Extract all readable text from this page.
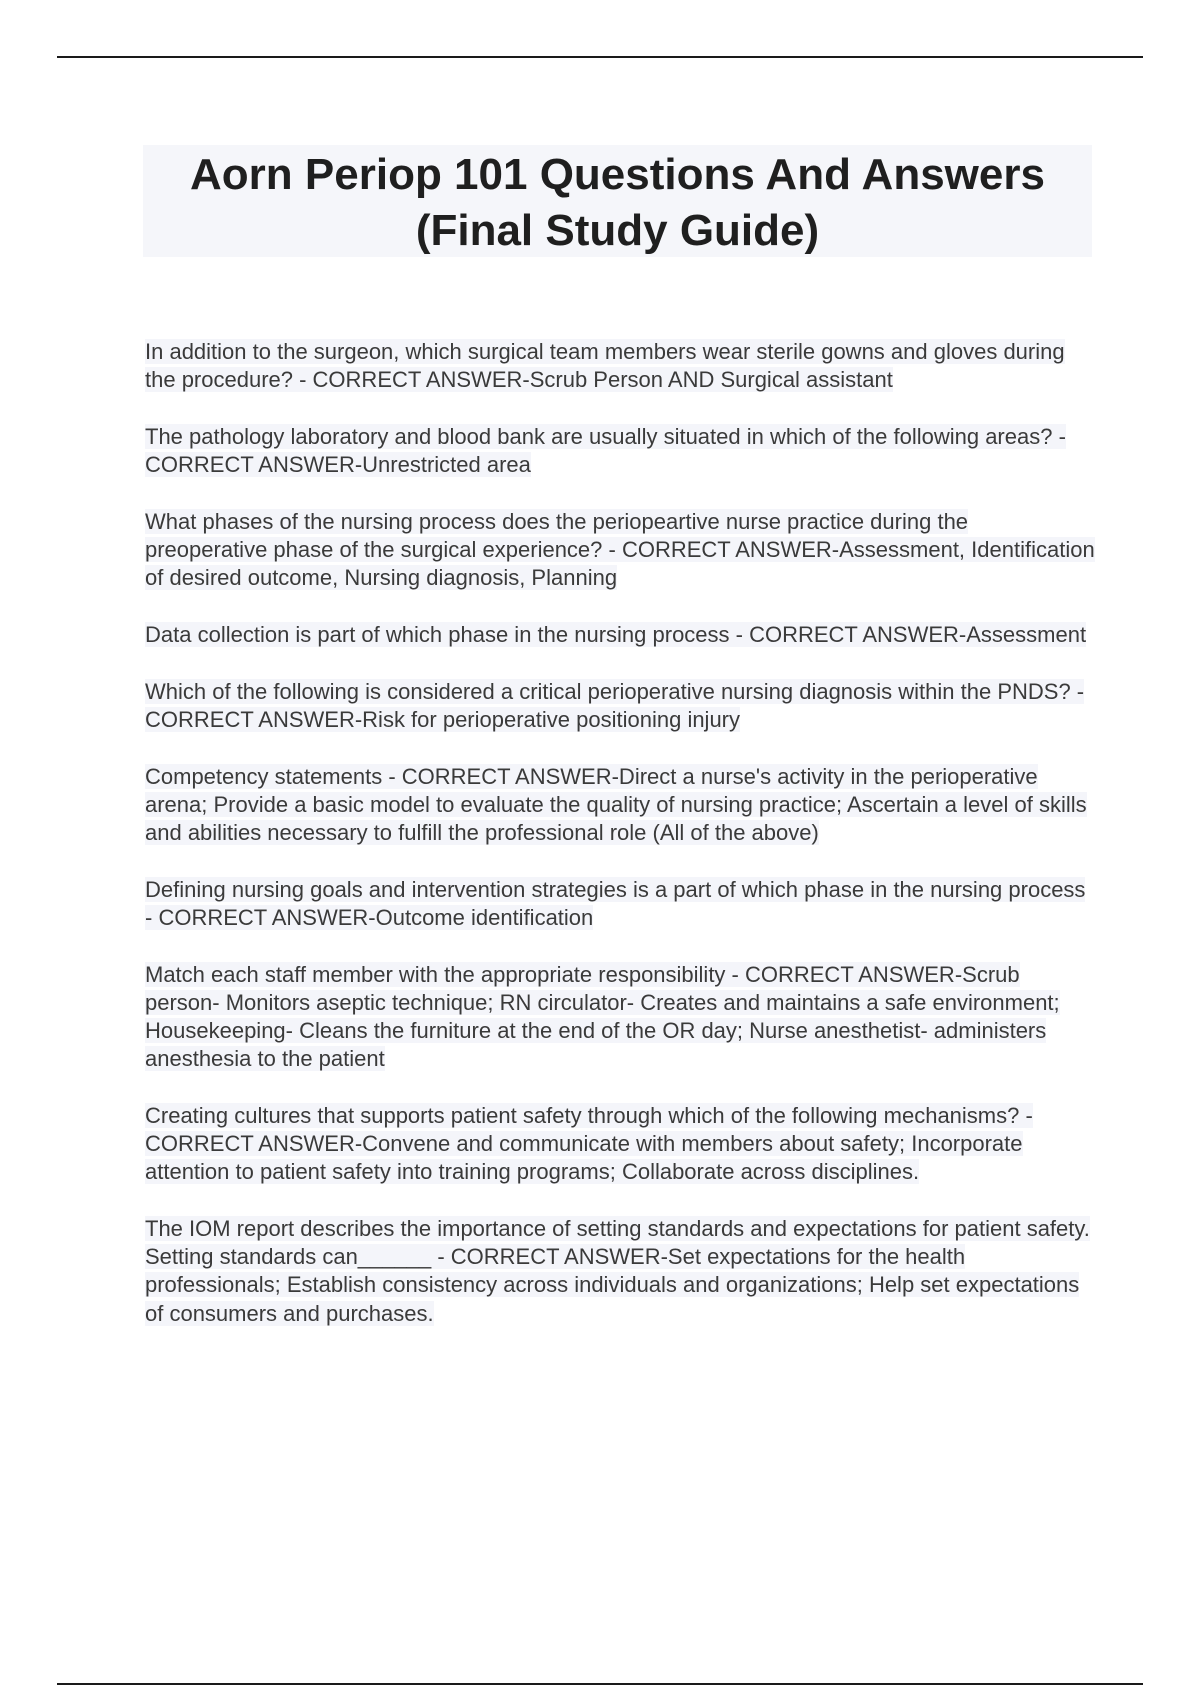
Aorn Periop 101 Questions And Answers
(Final Study Guide)

In addition to the surgeon, which surgical team members wear sterile gowns and gloves during the procedure? - CORRECT ANSWER-Scrub Person AND Surgical assistant

The pathology laboratory and blood bank are usually situated in which of the following areas? - CORRECT ANSWER-Unrestricted area

What phases of the nursing process does the periopeartive nurse practice during the preoperative phase of the surgical experience? - CORRECT ANSWER-Assessment, Identification of desired outcome, Nursing diagnosis, Planning

Data collection is part of which phase in the nursing process - CORRECT ANSWER-Assessment

Which of the following is considered a critical perioperative nursing diagnosis within the PNDS? - CORRECT ANSWER-Risk for perioperative positioning injury

Competency statements - CORRECT ANSWER-Direct a nurse's activity in the perioperative arena; Provide a basic model to evaluate the quality of nursing practice; Ascertain a level of skills and abilities necessary to fulfill the professional role (All of the above)

Defining nursing goals and intervention strategies is a part of which phase in the nursing process - CORRECT ANSWER-Outcome identification

Match each staff member with the appropriate responsibility - CORRECT ANSWER-Scrub person- Monitors aseptic technique; RN circulator- Creates and maintains a safe environment; Housekeeping- Cleans the furniture at the end of the OR day; Nurse anesthetist- administers anesthesia to the patient

Creating cultures that supports patient safety through which of the following mechanisms? - CORRECT ANSWER-Convene and communicate with members about safety; Incorporate attention to patient safety into training programs; Collaborate across disciplines.

The IOM report describes the importance of setting standards and expectations for patient safety. Setting standards can______ - CORRECT ANSWER-Set expectations for the health professionals; Establish consistency across individuals and organizations; Help set expectations of consumers and purchases.
